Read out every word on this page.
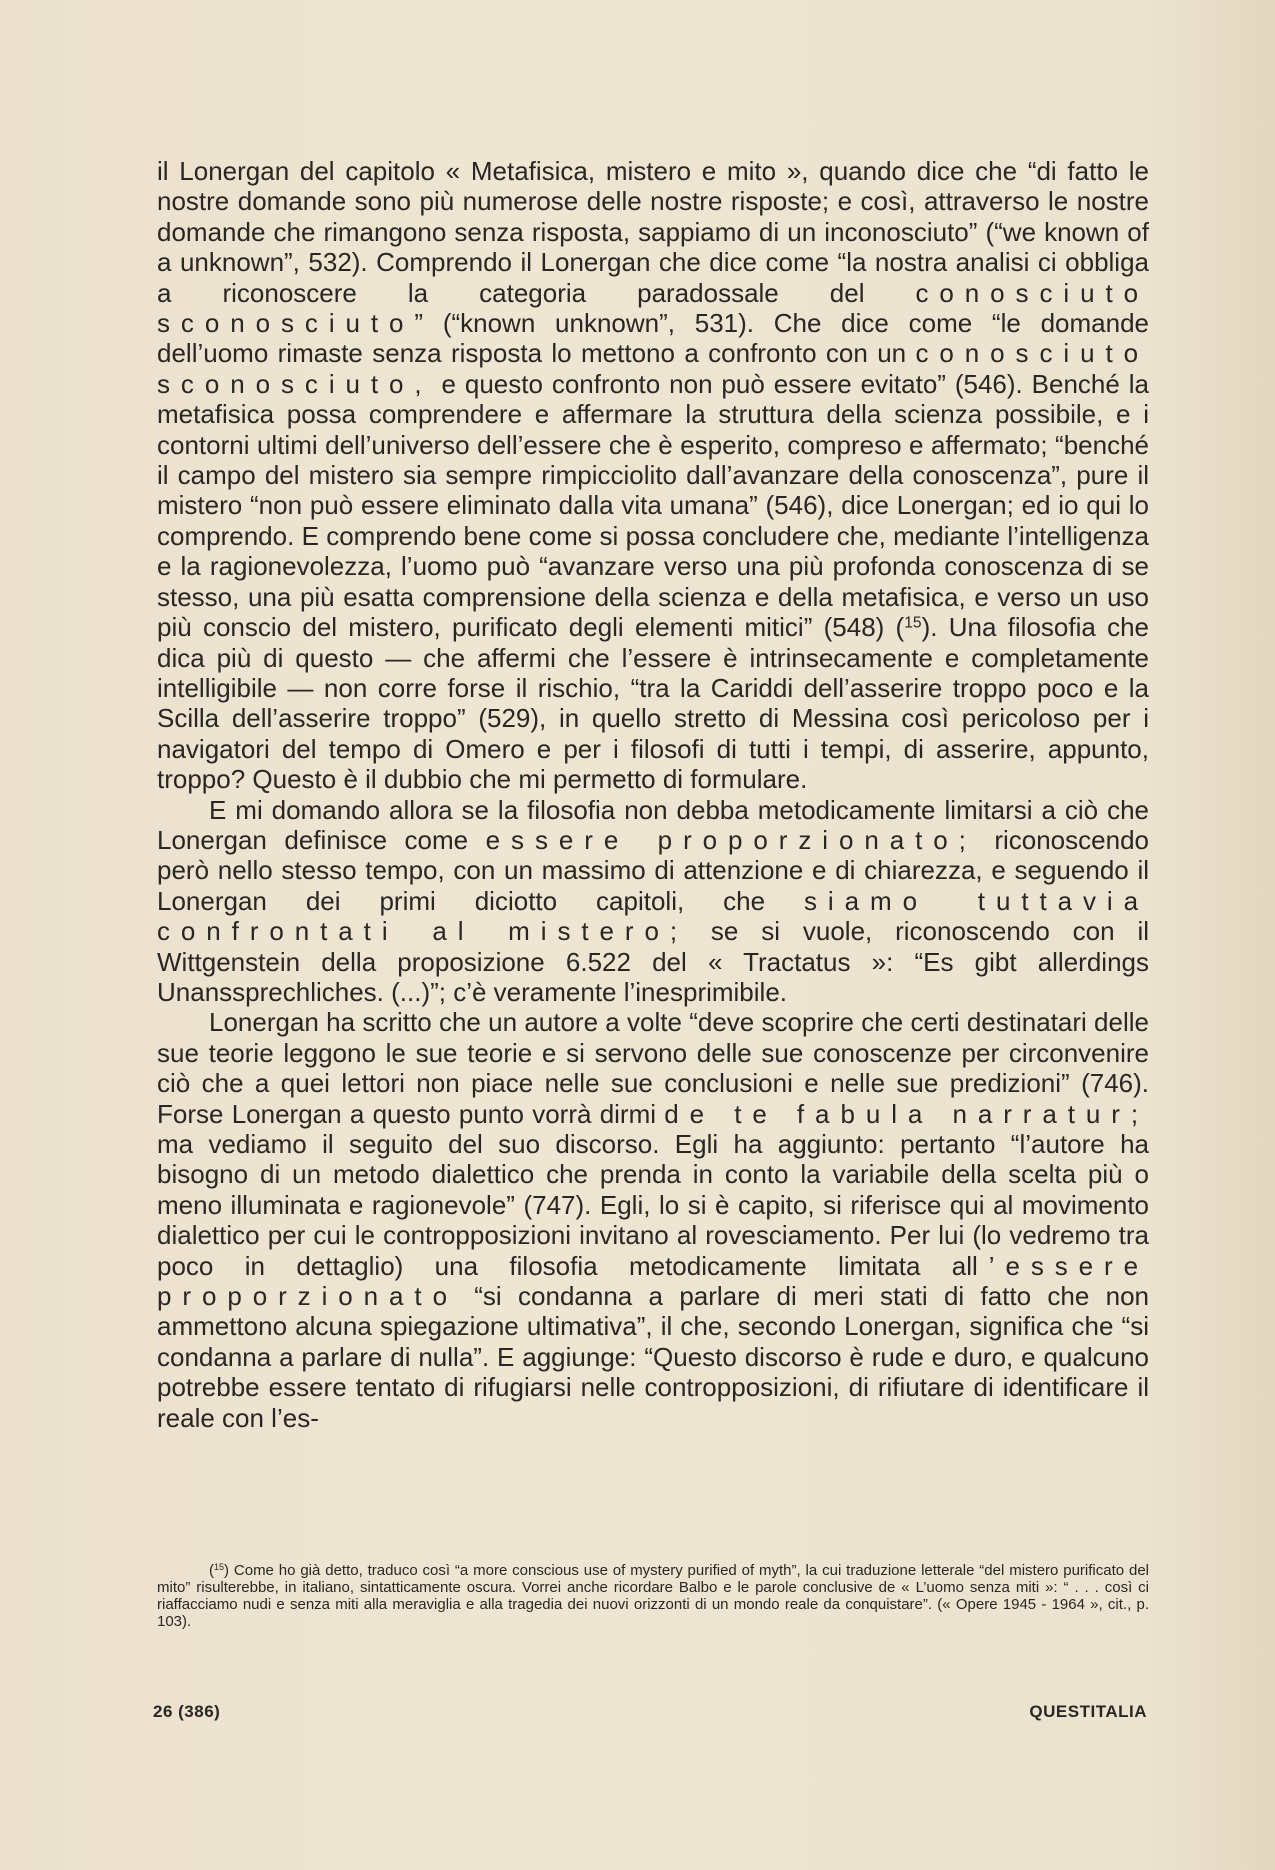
il Lonergan del capitolo « Metafisica, mistero e mito », quando dice che “di fatto le nostre domande sono più numerose delle nostre risposte; e così, attraverso le nostre domande che rimangono senza risposta, sappiamo di un inconosciuto” (“we known of a unknown”, 532). Comprendo il Lonergan che dice come “la nostra analisi ci obbliga a riconoscere la categoria paradossale del conosciuto sconosciuto” (“known unknown”, 531). Che dice come “le domande dell’uomo rimaste senza risposta lo mettono a confronto con un conosciuto sconosciuto, e questo confronto non può essere evitato” (546). Benché la metafisica possa comprendere e affermare la struttura della scienza possibile, e i contorni ultimi dell’universo dell’essere che è esperito, compreso e affermato; “benché il campo del mistero sia sempre rimpicciolito dall’avanzare della conoscenza”, pure il mistero “non può essere eliminato dalla vita umana” (546), dice Lonergan; ed io qui lo comprendo. E comprendo bene come si possa concludere che, mediante l’intelligenza e la ragionevolezza, l’uomo può “avanzare verso una più profonda conoscenza di se stesso, una più esatta comprensione della scienza e della metafisica, e verso un uso più conscio del mistero, purificato degli elementi mitici” (548) ($^{15}$). Una filosofia che dica più di questo — che affermi che l’essere è intrinsecamente e completamente intelligibile — non corre forse il rischio, “tra la Cariddi dell’asserire troppo poco e la Scilla dell’asserire troppo” (529), in quello stretto di Messina così pericoloso per i navigatori del tempo di Omero e per i filosofi di tutti i tempi, di asserire, appunto, troppo? Questo è il dubbio che mi permetto di formulare.

E mi domando allora se la filosofia non debba metodicamente limitarsi a ciò che Lonergan definisce come essere proporzionato; riconoscendo però nello stesso tempo, con un massimo di attenzione e di chiarezza, e seguendo il Lonergan dei primi diciotto capitoli, che siamo tuttavia confrontati al mistero; se si vuole, riconoscendo con il Wittgenstein della proposizione 6.522 del « Tractatus »: “Es gibt allerdings Unanssprechliches. (...)”; c’è veramente l’inesprimibile.

Lonergan ha scritto che un autore a volte “deve scoprire che certi destinatari delle sue teorie leggono le sue teorie e si servono delle sue conoscenze per circonvenire ciò che a quei lettori non piace nelle sue conclusioni e nelle sue predizioni” (746). Forse Lonergan a questo punto vorrà dirmi de te fabula narratur; ma vediamo il seguito del suo discorso. Egli ha aggiunto: pertanto “l’autore ha bisogno di un metodo dialettico che prenda in conto la variabile della scelta più o meno illuminata e ragionevole” (747). Egli, lo si è capito, si riferisce qui al movimento dialettico per cui le contropposizioni invitano al rovesciamento. Per lui (lo vedremo tra poco in dettaglio) una filosofia metodicamente limitata all’essere proporzionato “si condanna a parlare di meri stati di fatto che non ammettono alcuna spiegazione ultimativa”, il che, secondo Lonergan, significa che “si condanna a parlare di nulla”. E aggiunge: “Questo discorso è rude e duro, e qualcuno potrebbe essere tentato di rifugiarsi nelle contropposizioni, di rifiutare di identificare il reale con l’es-

($^{15}$) Come ho già detto, traduco così “a more conscious use of mystery purified of myth”, la cui traduzione letterale “del mistero purificato del mito” risulterebbe, in italiano, sintatticamente oscura. Vorrei anche ricordare Balbo e le parole conclusive de « L’uomo senza miti »: “ . . . così ci riaffacciamo nudi e senza miti alla meraviglia e alla tragedia dei nuovi orizzonti di un mondo reale da conquistare”. (« Opere 1945 - 1964 », cit., p. 103).

26 (386)	QUESTITALIA
